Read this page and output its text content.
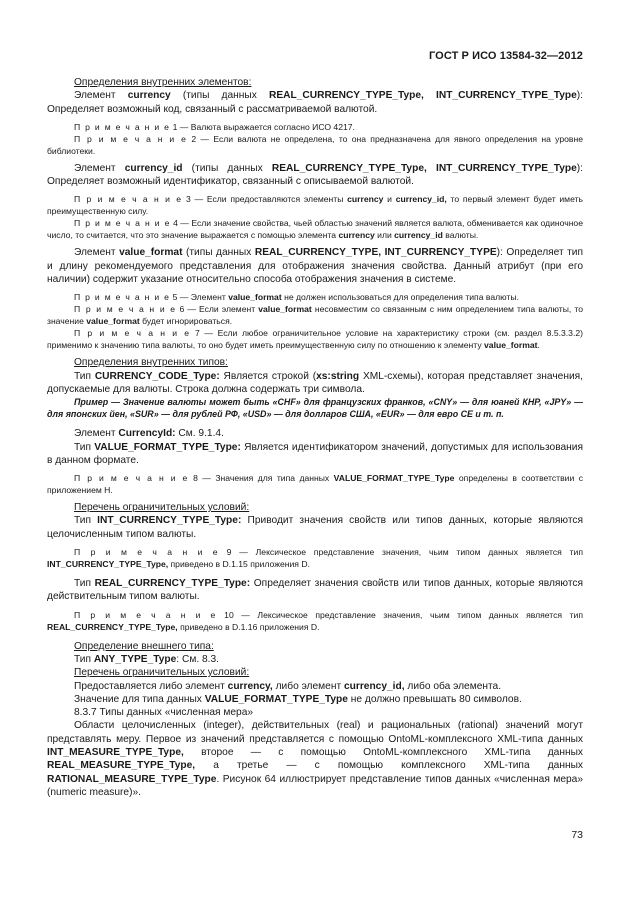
ГОСТ Р ИСО 13584-32—2012

Определения внутренних элементов:

Элемент currency (типы данных REAL_CURRENCY_TYPE_Type, INT_CURRENCY_TYPE_Type): Определяет возможный код, связанный с рассматриваемой валютой.

П р и м е ч а н и е 1 — Валюта выражается согласно ИСО 4217.

П р и м е ч а н и е 2 — Если валюта не определена, то она предназначена для явного определения на уровне библиотеки.

Элемент currency_id (типы данных REAL_CURRENCY_TYPE_Type, INT_CURRENCY_TYPE_Type): Определяет возможный идентификатор, связанный с описываемой валютой.

П р и м е ч а н и е 3 — Если предоставляются элементы currency и currency_id, то первый элемент будет иметь преимущественную силу.

П р и м е ч а н и е 4 — Если значение свойства, чьей областью значений является валюта, обменивается как одиночное число, то считается, что это значение выражается с помощью элемента currency или currency_id валюты.

Элемент value_format (типы данных REAL_CURRENCY_TYPE, INT_CURRENCY_TYPE): Определяет тип и длину рекомендуемого представления для отображения значения свойства. Данный атрибут (при его наличии) содержит указание относительно способа отображения значения в системе.

П р и м е ч а н и е 5 — Элемент value_format не должен использоваться для определения типа валюты.

П р и м е ч а н и е 6 — Если элемент value_format несовместим со связанным с ним определением типа валюты, то значение value_format будет игнорироваться.

П р и м е ч а н и е 7 — Если любое ограничительное условие на характеристику строки (см. раздел 8.5.3.3.2) применимо к значению типа валюты, то оно будет иметь преимущественную силу по отношению к элементу value_format.

Определения внутренних типов:

Тип CURRENCY_CODE_Type: Является строкой (xs:string XML-схемы), которая представляет значения, допускаемые для валюты. Строка должна содержать три символа.

Пример — Значение валюты может быть «CHF» для французских франков, «CNY» — для юаней КНР, «JPY» — для японских йен, «SUR» — для рублей РФ, «USD» — для долларов США, «EUR» — для евро СЕ и т. п.

Элемент CurrencyId: См. 9.1.4.

Тип VALUE_FORMAT_TYPE_Type: Является идентификатором значений, допустимых для использования в данном формате.

П р и м е ч а н и е 8 — Значения для типа данных VALUE_FORMAT_TYPE_Type определены в соответствии с приложением H.

Перечень ограничительных условий:

Тип INT_CURRENCY_TYPE_Type: Приводит значения свойств или типов данных, которые являются целочисленным типом валюты.

П р и м е ч а н и е 9 — Лексическое представление значения, чьим типом данных является тип INT_CURRENCY_TYPE_Type, приведено в D.1.15 приложения D.

Тип REAL_CURRENCY_TYPE_Type: Определяет значения свойств или типов данных, которые являются действительным типом валюты.

П р и м е ч а н и е 10 — Лексическое представление значения, чьим типом данных является тип REAL_CURRENCY_TYPE_Type, приведено в D.1.16 приложения D.

Определение внешнего типа:

Тип ANY_TYPE_Type: См. 8.3.

Перечень ограничительных условий:

Предоставляется либо элемент currency, либо элемент currency_id, либо оба элемента.

Значение для типа данных VALUE_FORMAT_TYPE_Type не должно превышать 80 символов.

8.3.7 Типы данных «численная мера»

Области целочисленных (integer), действительных (real) и рациональных (rational) значений могут представлять меру. Первое из значений представляется с помощью OntoML-комплексного XML-типа данных INT_MEASURE_TYPE_Type, второе — с помощью OntoML-комплексного XML-типа данных REAL_MEASURE_TYPE_Type, а третье — с помощью комплексного XML-типа данных RATIONAL_MEASURE_TYPE_Type. Рисунок 64 иллюстрирует представление типов данных «численная мера» (numeric measure)».

73
